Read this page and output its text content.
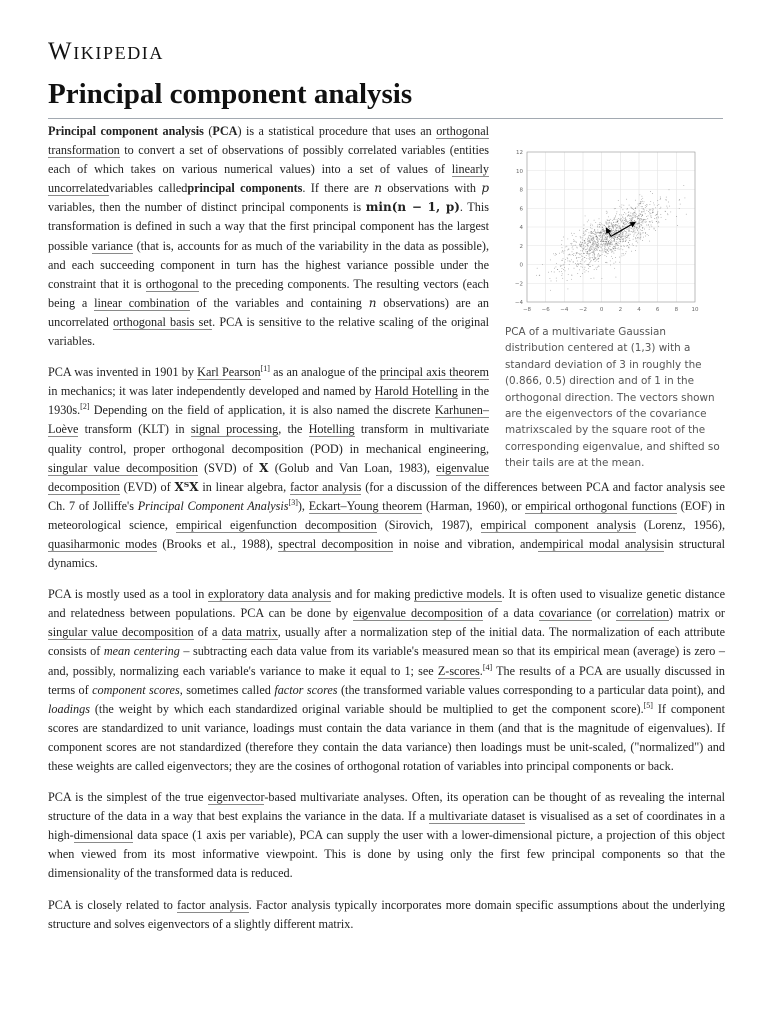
Wikipedia
Principal component analysis
−8 −6 −4 −2 0	2	4	6	8 10
12
10
8
6
4
2
0
−2
−4
PCA of a multivariate Gaussian distribution centered at (1,3) with a standard deviation of 3 in roughly the (0.866, 0.5) direction and of 1 in the orthogonal direction. The vectors shown are the eigenvectors of the covariance matrixscaled by the square root of the corresponding eigenvalue, and shifted so their tails are at the mean.

Principal component analysis (PCA) is a statistical procedure that uses an orthogonal transformation to convert a set of observations of possibly correlated variables (entities each of which takes on various numerical values) into a set of values of linearly uncorrelatedvariables calledprincipal components. If there are n observations with p variables, then the number of distinct principal components is min(n − 1, p). This transformation is defined in such a way that the first principal component has the largest possible variance (that is, accounts for as much of the variability in the data as possible), and each succeeding component in turn has the highest variance possible under the constraint that it is orthogonal to the preceding components. The resulting vectors (each being a linear combination of the variables and containing n observations) are an uncorrelated orthogonal basis set. PCA is sensitive to the relative scaling of the original variables.

PCA was invented in 1901 by Karl Pearson[1] as an analogue of the principal axis theorem in mechanics; it was later independently developed and named by Harold Hotelling in the 1930s.[2] Depending on the field of application, it is also named the discrete Karhunen–Loève transform (KLT) in signal processing, the Hotelling transform in multivariate quality control, proper orthogonal decomposition (POD) in mechanical engineering, singular value decomposition (SVD) of X (Golub and Van Loan, 1983), eigenvalue decomposition (EVD) of XᵀX in linear algebra, factor analysis (for a discussion of the differences between PCA and factor analysis see Ch. 7 of Jolliffe's Principal Component Analysis[3]), Eckart–Young theorem (Harman, 1960), or empirical orthogonal functions (EOF) in meteorological science, empirical eigenfunction decomposition (Sirovich, 1987), empirical component analysis (Lorenz, 1956), quasiharmonic modes (Brooks et al., 1988), spectral decomposition in noise and vibration, andempirical modal analysisin structural dynamics.

PCA is mostly used as a tool in exploratory data analysis and for making predictive models. It is often used to visualize genetic distance and relatedness between populations. PCA can be done by eigenvalue decomposition of a data covariance (or correlation) matrix or singular value decomposition of a data matrix, usually after a normalization step of the initial data. The normalization of each attribute consists of mean centering – subtracting each data value from its variable's measured mean so that its empirical mean (average) is zero – and, possibly, normalizing each variable's variance to make it equal to 1; see Z-scores.[4] The results of a PCA are usually discussed in terms of component scores, sometimes called factor scores (the transformed variable values corresponding to a particular data point), and loadings (the weight by which each standardized original variable should be multiplied to get the component score).[5] If component scores are standardized to unit variance, loadings must contain the data variance in them (and that is the magnitude of eigenvalues). If component scores are not standardized (therefore they contain the data variance) then loadings must be unit-scaled, ("normalized") and these weights are called eigenvectors; they are the cosines of orthogonal rotation of variables into principal components or back.

PCA is the simplest of the true eigenvector-based multivariate analyses. Often, its operation can be thought of as revealing the internal structure of the data in a way that best explains the variance in the data. If a multivariate dataset is visualised as a set of coordinates in a high-dimensional data space (1 axis per variable), PCA can supply the user with a lower-dimensional picture, a projection of this object when viewed from its most informative viewpoint. This is done by using only the first few principal components so that the dimensionality of the transformed data is reduced.

PCA is closely related to factor analysis. Factor analysis typically incorporates more domain specific assumptions about the underlying structure and solves eigenvectors of a slightly different matrix.
